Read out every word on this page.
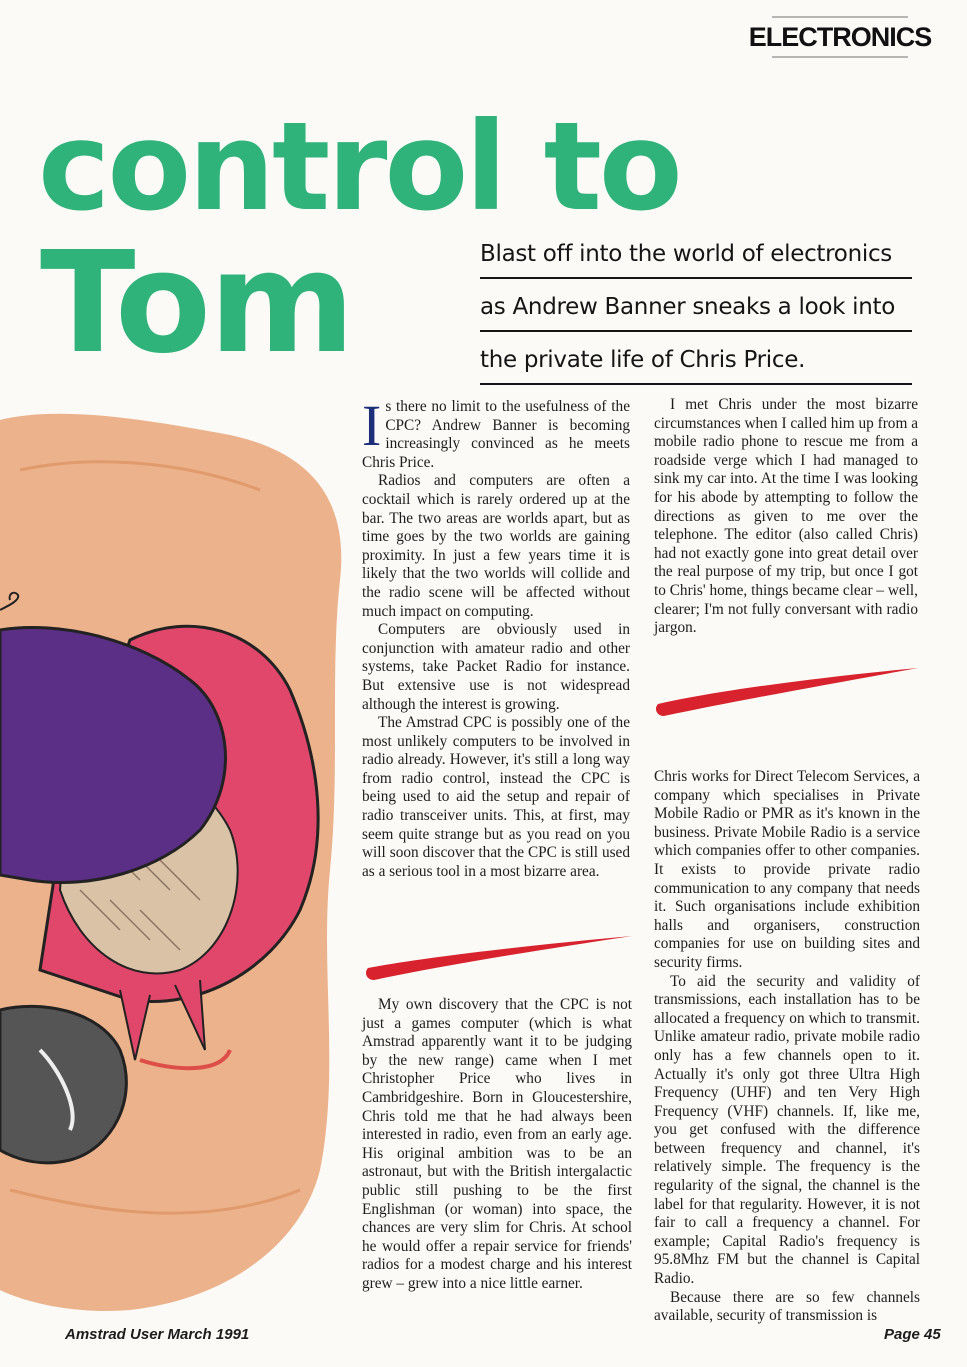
ELECTRONICS
control to
Tom	Blast off into the world of electronics
as Andrew Banner sneaks a look into
the private life of Chris Price.

Is there no limit to the usefulness of the CPC? Andrew Banner is becoming increasingly convinced as he meets Chris Price.

Radios and computers are often a cocktail which is rarely ordered up at the bar. The two areas are worlds apart, but as time goes by the two worlds are gaining proximity. In just a few years time it is likely that the two worlds will collide and the radio scene will be affected without much impact on computing.

Computers are obviously used in conjunction with amateur radio and other systems, take Packet Radio for instance. But extensive use is not widespread although the interest is growing.

The Amstrad CPC is possibly one of the most unlikely computers to be involved in radio already. However, it's still a long way from radio control, instead the CPC is being used to aid the setup and repair of radio transceiver units. This, at first, may seem quite strange but as you read on you will soon discover that the CPC is still used as a serious tool in a most bizarre area.

My own discovery that the CPC is not just a games computer (which is what Amstrad apparently want it to be judging by the new range) came when I met Christopher Price who lives in Cambridgeshire. Born in Gloucestershire, Chris told me that he had always been interested in radio, even from an early age. His original ambition was to be an astronaut, but with the British intergalactic public still pushing to be the first Englishman (or woman) into space, the chances are very slim for Chris. At school he would offer a repair service for friends' radios for a modest charge and his interest grew – grew into a nice little earner.

I met Chris under the most bizarre circumstances when I called him up from a mobile radio phone to rescue me from a roadside verge which I had managed to sink my car into. At the time I was looking for his abode by attempting to follow the directions as given to me over the telephone. The editor (also called Chris) had not exactly gone into great detail over the real purpose of my trip, but once I got to Chris' home, things became clear – well, clearer; I'm not fully conversant with radio jargon.

Chris works for Direct Telecom Services, a company which specialises in Private Mobile Radio or PMR as it's known in the business. Private Mobile Radio is a service which companies offer to other companies. It exists to provide private radio communication to any company that needs it. Such organisations include exhibition halls and organisers, construction companies for use on building sites and security firms.

To aid the security and validity of transmissions, each installation has to be allocated a frequency on which to transmit. Unlike amateur radio, private mobile radio only has a few channels open to it. Actually it's only got three Ultra High Frequency (UHF) and ten Very High Frequency (VHF) channels. If, like me, you get confused with the difference between frequency and channel, it's relatively simple. The frequency is the regularity of the signal, the channel is the label for that regularity. However, it is not fair to call a frequency a channel. For example; Capital Radio's frequency is 95.8Mhz FM but the channel is Capital Radio.

Because there are so few channels available, security of transmission is

Amstrad User March 1991	Page 45
